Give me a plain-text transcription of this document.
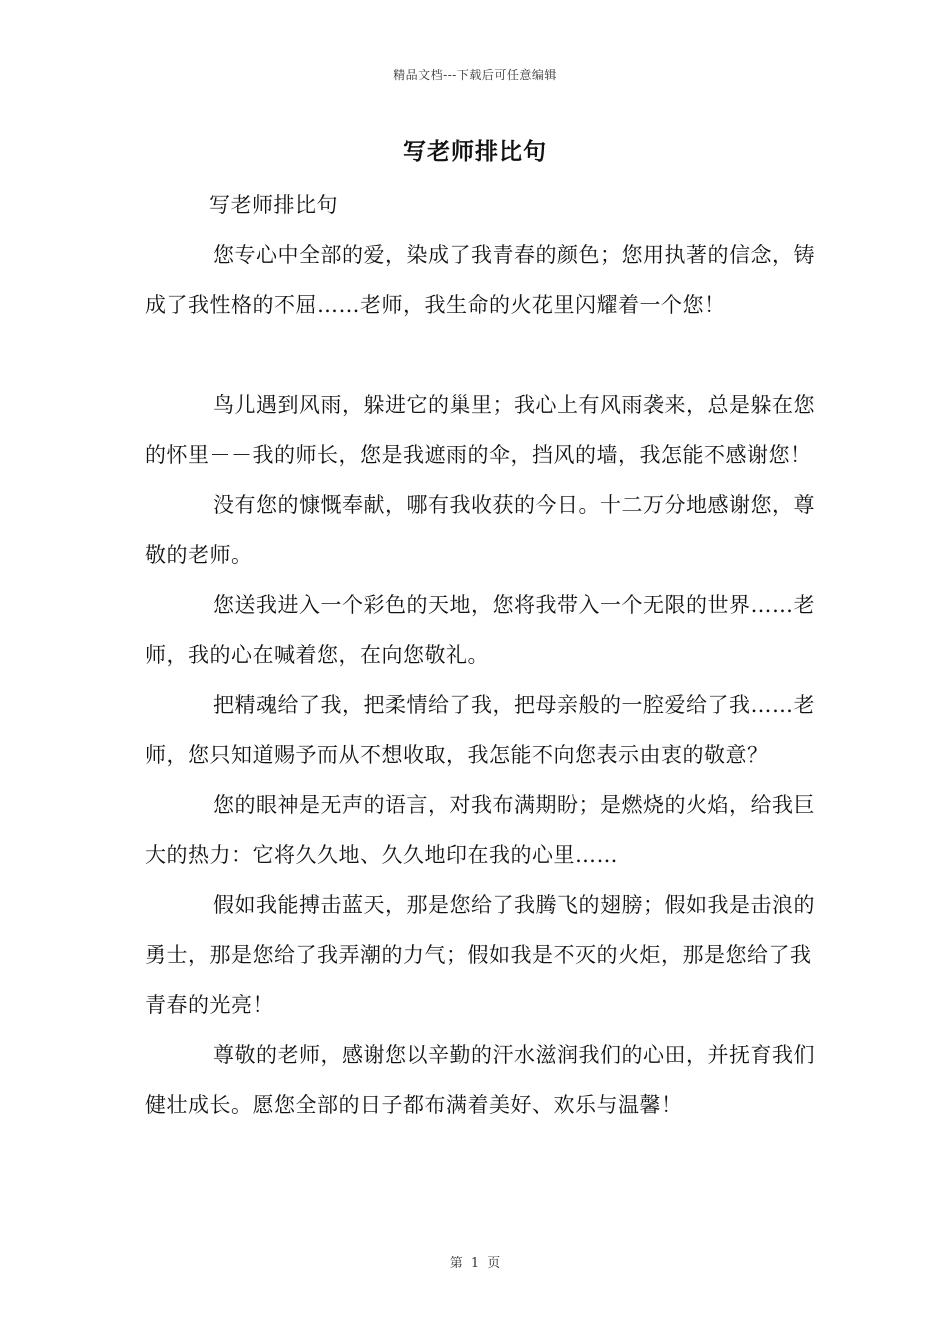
精品文档---下载后可任意编辑
写老师排比句

写老师排比句

您专心中全部的爱，染成了我青春的颜色；您用执著的信念，铸成了我性格的不屈……老师，我生命的火花里闪耀着一个您！

鸟儿遇到风雨，躲进它的巢里；我心上有风雨袭来，总是躲在您的怀里－－我的师长，您是我遮雨的伞，挡风的墙，我怎能不感谢您！

没有您的慷慨奉献，哪有我收获的今日。十二万分地感谢您，尊敬的老师。

您送我进入一个彩色的天地，您将我带入一个无限的世界……老师，我的心在喊着您，在向您敬礼。

把精魂给了我，把柔情给了我，把母亲般的一腔爱给了我……老师，您只知道赐予而从不想收取，我怎能不向您表示由衷的敬意？

您的眼神是无声的语言，对我布满期盼；是燃烧的火焰，给我巨大的热力：它将久久地、久久地印在我的心里……

假如我能搏击蓝天，那是您给了我腾飞的翅膀；假如我是击浪的勇士，那是您给了我弄潮的力气；假如我是不灭的火炬，那是您给了我青春的光亮！

尊敬的老师，感谢您以辛勤的汗水滋润我们的心田，并抚育我们健壮成长。愿您全部的日子都布满着美好、欢乐与温馨！

第 1 页
